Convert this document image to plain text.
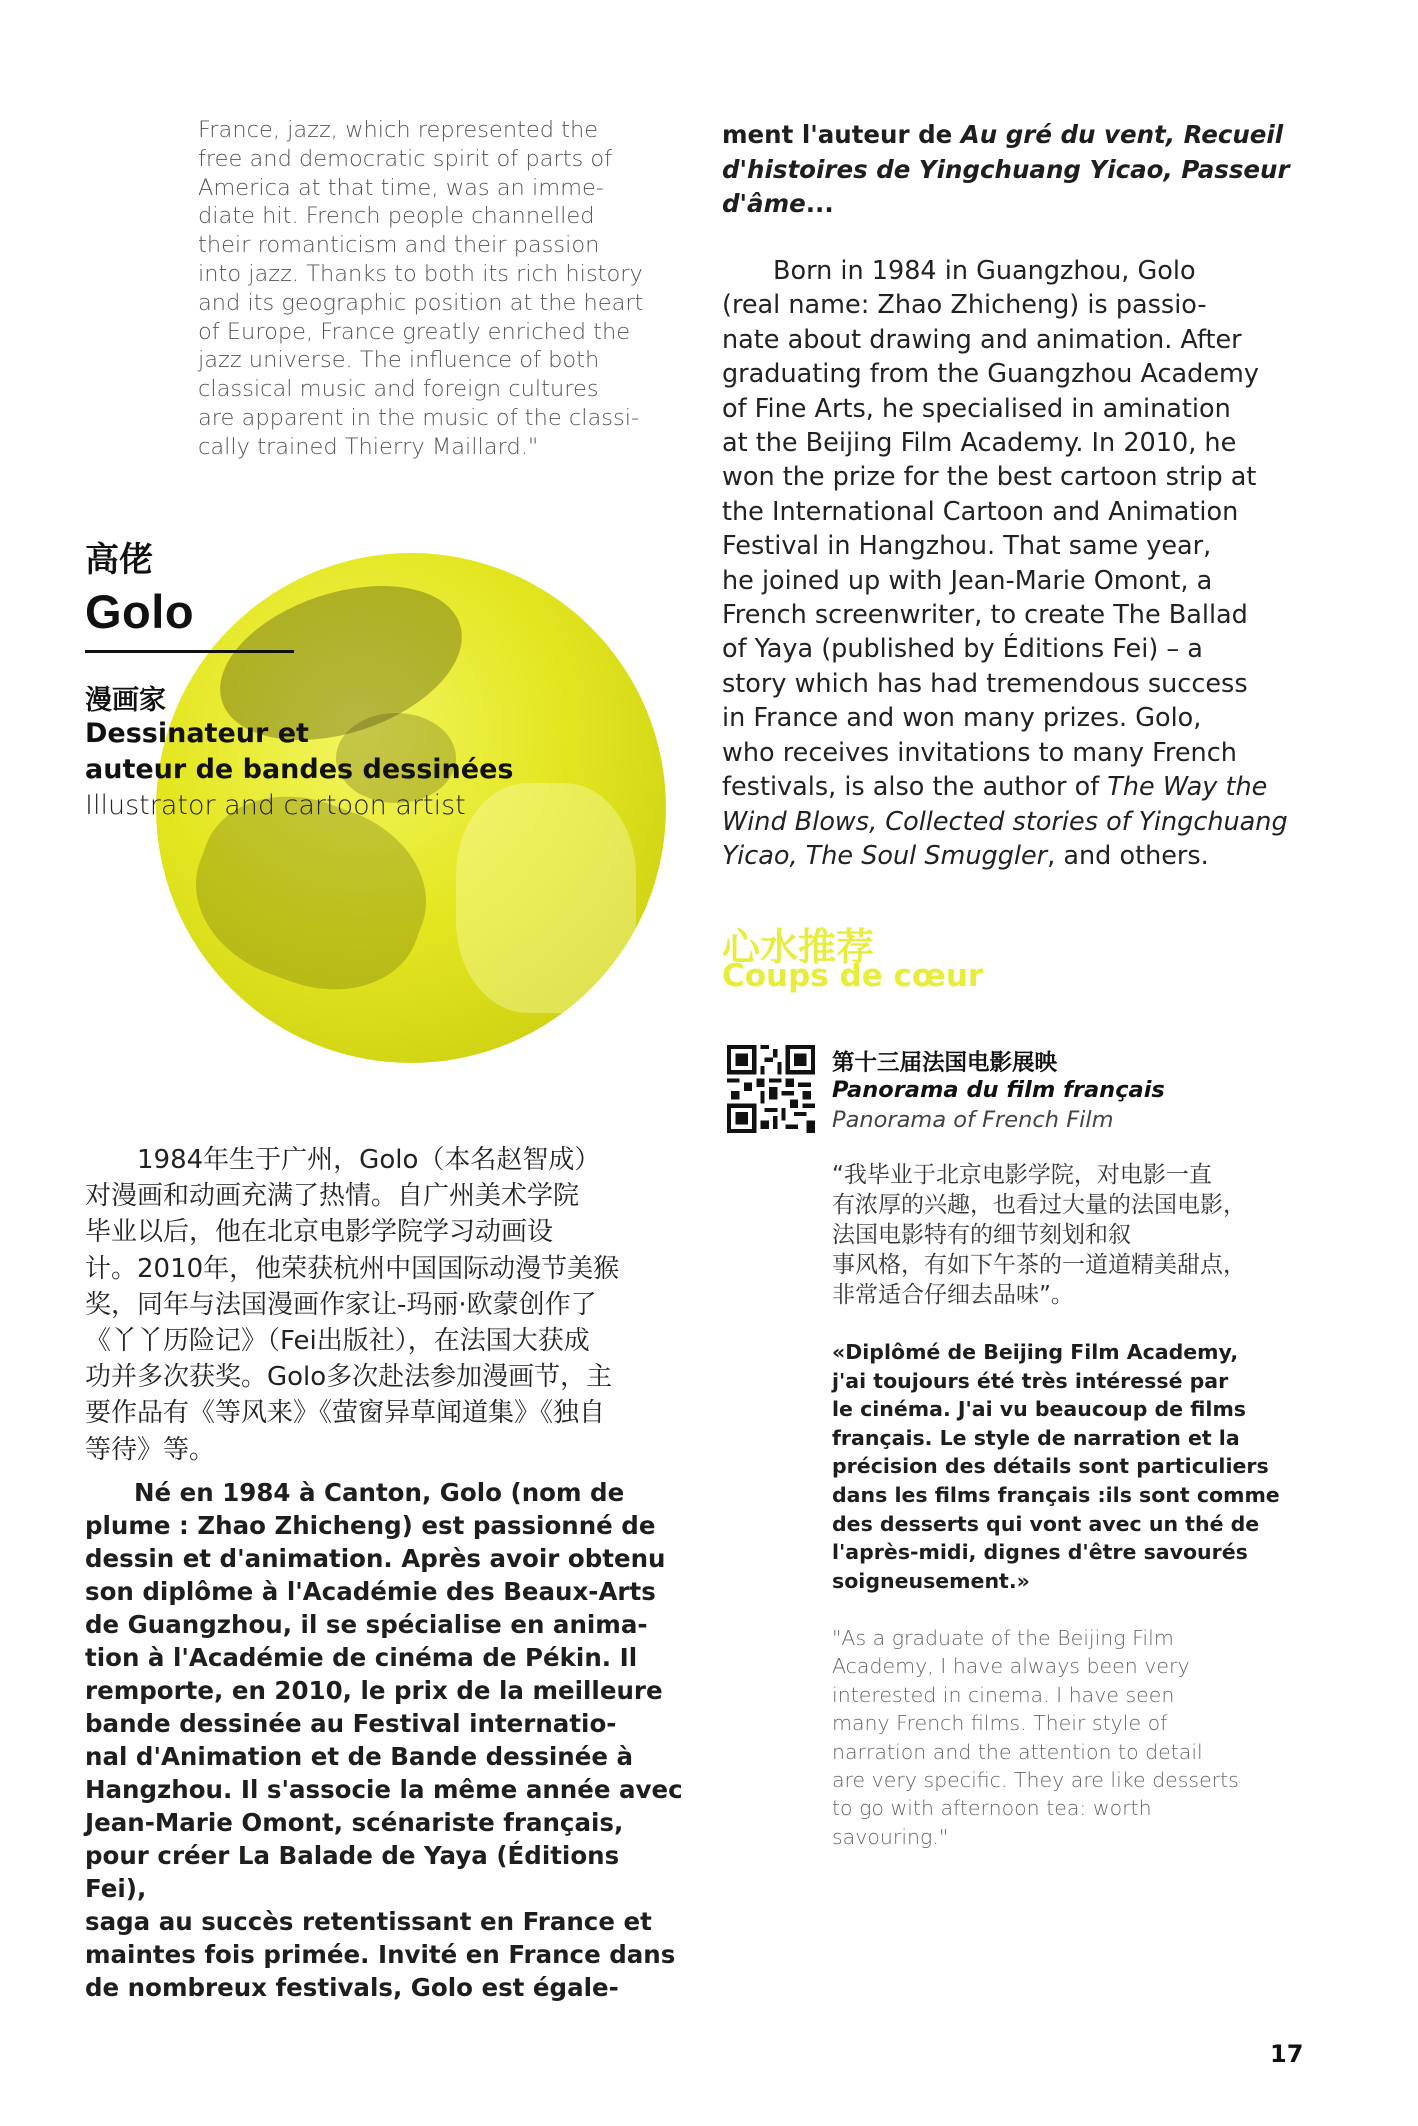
France, jazz, which represented the
free and democratic spirit of parts of
America at that time, was an imme-
diate hit. French people channelled
their romanticism and their passion
into jazz. Thanks to both its rich history
and its geographic position at the heart
of Europe, France greatly enriched the
jazz universe. The influence of both
classical music and foreign cultures
are apparent in the music of the classi-
cally trained Thierry Maillard."
高佬
Golo
漫画家
Dessinateur et
auteur de bandes dessinées
Illustrator and cartoon artist
　　1984年生于广州，Golo（本名赵智成）
对漫画和动画充满了热情。自广州美术学院
毕业以后，他在北京电影学院学习动画设
计。2010年，他荣获杭州中国国际动漫节美猴
奖，同年与法国漫画作家让-玛丽·欧蒙创作了
《丫丫历险记》（Fei出版社），在法国大获成
功并多次获奖。Golo多次赴法参加漫画节，主
要作品有《等风来》《萤窗异草闻道集》《独自
等待》等。
　　Né en 1984 à Canton, Golo (nom de
plume : Zhao Zhicheng) est passionné de
dessin et d'animation. Après avoir obtenu
son diplôme à l'Académie des Beaux-Arts
de Guangzhou, il se spécialise en anima-
tion à l'Académie de cinéma de Pékin. Il
remporte, en 2010, le prix de la meilleure
bande dessinée au Festival internatio-
nal d'Animation et de Bande dessinée à
Hangzhou. Il s'associe la même année avec
Jean-Marie Omont, scénariste français,
pour créer La Balade de Yaya (Éditions Fei),
saga au succès retentissant en France et
maintes fois primée. Invité en France dans
de nombreux festivals, Golo est égale-
ment l'auteur de Au gré du vent, Recueil
d'histoires de Yingchuang Yicao, Passeur
d'âme...
　　Born in 1984 in Guangzhou, Golo
(real name: Zhao Zhicheng) is passio-
nate about drawing and animation. After
graduating from the Guangzhou Academy
of Fine Arts, he specialised in amination
at the Beijing Film Academy. In 2010, he
won the prize for the best cartoon strip at
the International Cartoon and Animation
Festival in Hangzhou. That same year,
he joined up with Jean-Marie Omont, a
French screenwriter, to create The Ballad
of Yaya (published by Éditions Fei) – a
story which has had tremendous success
in France and won many prizes. Golo,
who receives invitations to many French
festivals, is also the author of The Way the
Wind Blows, Collected stories of Yingchuang
Yicao, The Soul Smuggler, and others.
心水推荐
Coups de cœur
第十三届法国电影展映
Panorama du film français
Panorama of French Film
“我毕业于北京电影学院，对电影一直
有浓厚的兴趣，也看过大量的法国电影，
法国电影特有的细节刻划和叙
事风格，有如下午茶的一道道精美甜点，
非常适合仔细去品味”。
«Diplômé de Beijing Film Academy,
j'ai toujours été très intéressé par
le cinéma. J'ai vu beaucoup de films
français. Le style de narration et la
précision des détails sont particuliers
dans les films français :ils sont comme
des desserts qui vont avec un thé de
l'après-midi, dignes d'être savourés
soigneusement.»
"As a graduate of the Beijing Film
Academy, I have always been very
interested in cinema. I have seen
many French films. Their style of
narration and the attention to detail
are very specific. They are like desserts
to go with afternoon tea: worth
savouring."
17
